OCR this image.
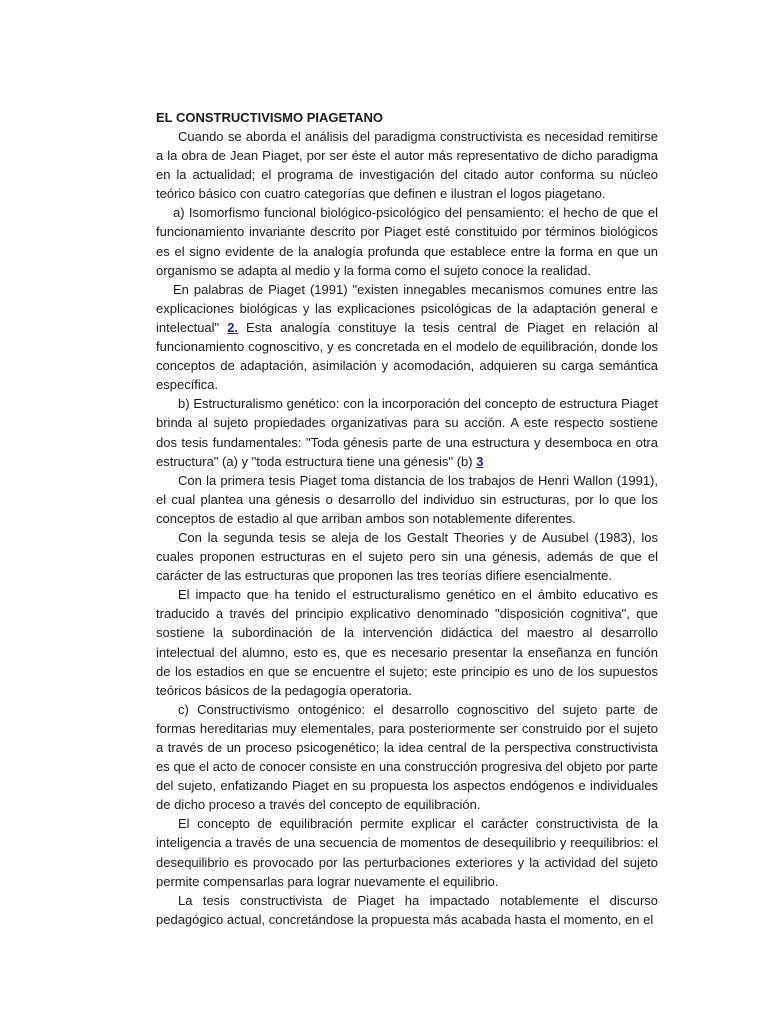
EL CONSTRUCTIVISMO PIAGETANO

Cuando se aborda el análisis del paradigma constructivista es necesidad remitirse a la obra de Jean Piaget, por ser éste el autor más representativo de dicho paradigma en la actualidad; el programa de investigación del citado autor conforma su núcleo teórico básico con cuatro categorías que definen e ilustran el logos piagetano.

a) Isomorfismo funcional biológico-psicológico del pensamiento: el hecho de que el funcionamiento invariante descrito por Piaget esté constituido por términos biológicos es el signo evidente de la analogía profunda que establece entre la forma en que un organismo se adapta al medio y la forma como el sujeto conoce la realidad.

En palabras de Piaget (1991) "existen innegables mecanismos comunes entre las explicaciones biológicas y las explicaciones psicológicas de la adaptación general e intelectual" 2. Esta analogía constituye la tesis central de Piaget en relación al funcionamiento cognoscitivo, y es concretada en el modelo de equilibración, donde los conceptos de adaptación, asimilación y acomodación, adquieren su carga semántica específica.

b) Estructuralismo genético: con la incorporación del concepto de estructura Piaget brinda al sujeto propiedades organizativas para su acción. A este respecto sostiene dos tesis fundamentales: "Toda génesis parte de una estructura y desemboca en otra estructura" (a) y "toda estructura tiene una génesis" (b) 3

Con la primera tesis Piaget toma distancia de los trabajos de Henri Wallon (1991), el cual plantea una génesis o desarrollo del individuo sin estructuras, por lo que los conceptos de estadio al que arriban ambos son notablemente diferentes.

Con la segunda tesis se aleja de los Gestalt Theories y de Ausubel (1983), los cuales proponen estructuras en el sujeto pero sin una génesis, además de que el carácter de las estructuras que proponen las tres teorías difiere esencialmente.

El impacto que ha tenido el estructuralismo genético en el ámbito educativo es traducido a través del principio explicativo denominado "disposición cognitiva", que sostiene la subordinación de la intervención didáctica del maestro al desarrollo intelectual del alumno, esto es, que es necesario presentar la enseñanza en función de los estadios en que se encuentre el sujeto; este principio es uno de los supuestos teóricos básicos de la pedagogía operatoria.

c) Constructivismo ontogénico: el desarrollo cognoscitivo del sujeto parte de formas hereditarias muy elementales, para posteriormente ser construido por el sujeto a través de un proceso psicogenético; la idea central de la perspectiva constructivista es que el acto de conocer consiste en una construcción progresiva del objeto por parte del sujeto, enfatizando Piaget en su propuesta los aspectos endógenos e individuales de dicho proceso a través del concepto de equilibración.

El concepto de equilibración permite explicar el carácter constructivista de la inteligencia a través de una secuencia de momentos de desequilibrio y reequilibrios: el desequilibrio es provocado por las perturbaciones exteriores y la actividad del sujeto permite compensarlas para lograr nuevamente el equilibrio.

La tesis constructivista de Piaget ha impactado notablemente el discurso pedagógico actual, concretándose la propuesta más acabada hasta el momento, en el
